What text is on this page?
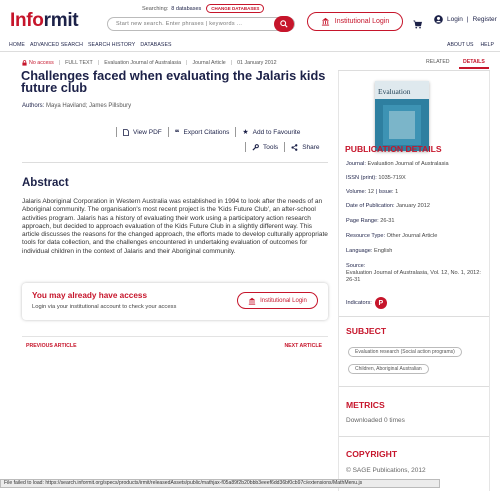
Informit
Searching: 8 databases	CHANGE DATABASES
Start new search. Enter phrases | keywords ...
Institutional Login	Login | Register
HOME ADVANCED SEARCH SEARCH HISTORY DATABASES	ABOUT US HELP
No access | FULL TEXT | Evaluation Journal of Australasia | Journal Article | 01 January 2012
Challenges faced when evaluating the Jalaris kids future club
Authors: Maya Haviland; James Pillsbury
View PDF ❝ Export Citations ★ Add to Favourite
Tools	Share
Abstract

Jalaris Aboriginal Corporation in Western Australia was established in 1994 to look after the needs of an Aboriginal community. The organisation's most recent project is the 'Kids Future Club', an after-school activities program. Jalaris has a history of evaluating their work using a participatory action research approach, but decided to approach evaluation of the Kids Future Club in a slightly different way. This article discusses the reasons for the changed approach, the efforts made to develop culturally appropriate tools for data collection, and the challenges encountered in undertaking evaluation of outcomes for individual children in the context of Jalaris and their Aboriginal community.

You may already have access
Login via your institutional account to check your access
Institutional Login
PREVIOUS ARTICLE	NEXT ARTICLE
RELATED	DETAILS
Evaluation
PUBLICATION DETAILS
Journal: Evaluation Journal of Australasia
ISSN (print): 1035-719X
Volume: 12 | Issue: 1
Date of Publication: January 2012
Page Range: 26-31
Resource Type: Other Journal Article
Language: English
Source:
Evaluation Journal of Australasia, Vol. 12, No. 1, 2012: 26-31
Indicators: P
SUBJECT
Evaluation research (Social action programs)
Children, Aboriginal Australian
METRICS
Downloaded 0 times
COPYRIGHT
© SAGE Publications, 2012
File failed to load: https://search.informit.org/specs/products/irmit/releasedAssets/public/mathjax-f05a89f2b20bbb3eeef6dd36bf0cb97c/extensions/MathMenu.js
